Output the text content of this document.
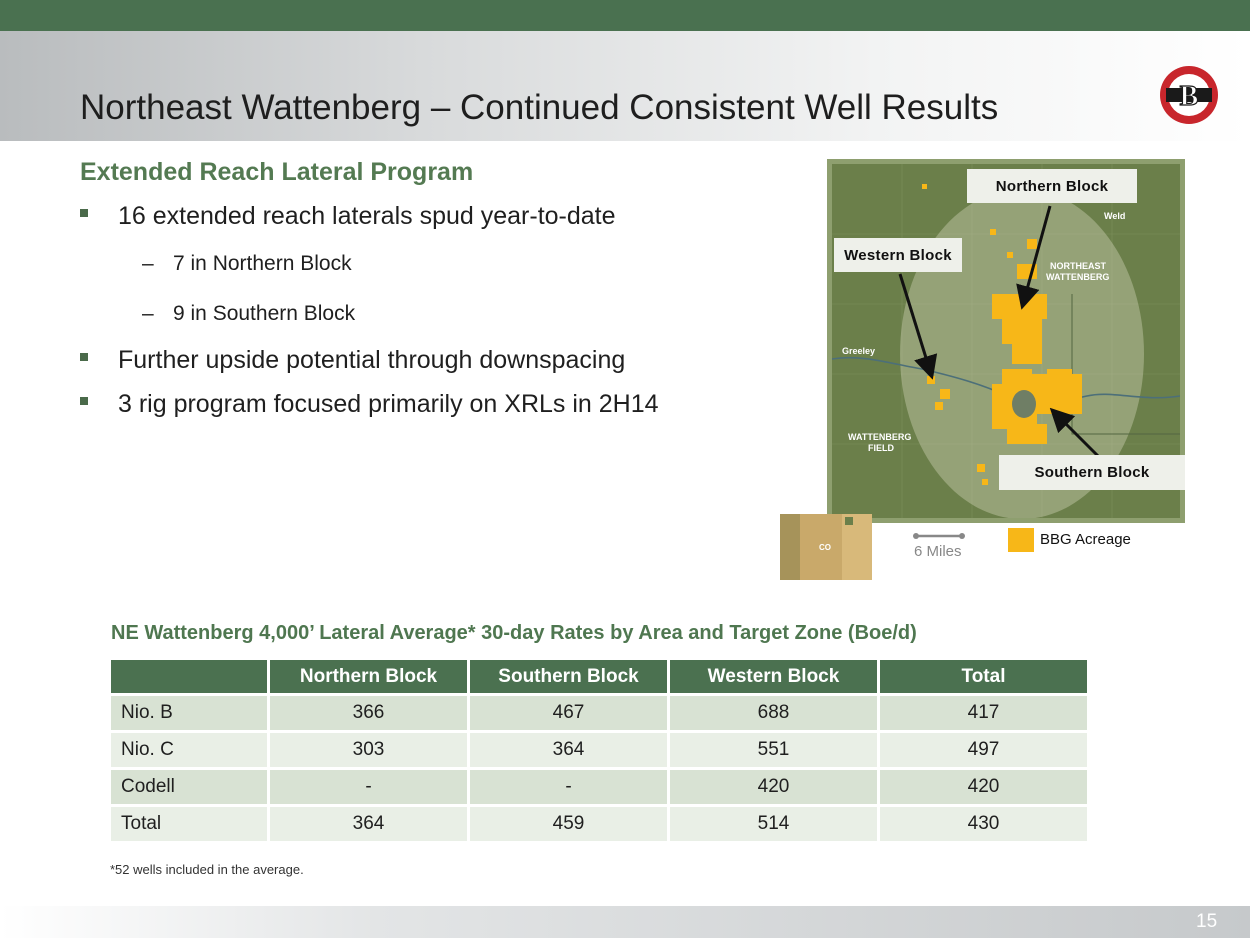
Northeast Wattenberg – Continued Consistent Well Results	B
Extended Reach Lateral Program
16 extended reach laterals spud year-to-date
– 7 in Northern Block
– 9 in Southern Block
Further upside potential through downspacing
3 rig program focused primarily on XRLs in 2H14
Weld
NORTHEAST
WATTENBERG
Greeley
WATTENBERG
FIELD
Northern Block
Western Block
Southern Block
CO	6 Miles
BBG Acreage
NE Wattenberg 4,000’ Lateral Average* 30-day Rates by Area and Target Zone (Boe/d)
	Northern Block	Southern Block	Western Block	Total
Nio. B	366	467	688	417
Nio. C	303	364	551	497
Codell	-	-	420	420
Total	364	459	514	430
*52 wells included in the average.
15
